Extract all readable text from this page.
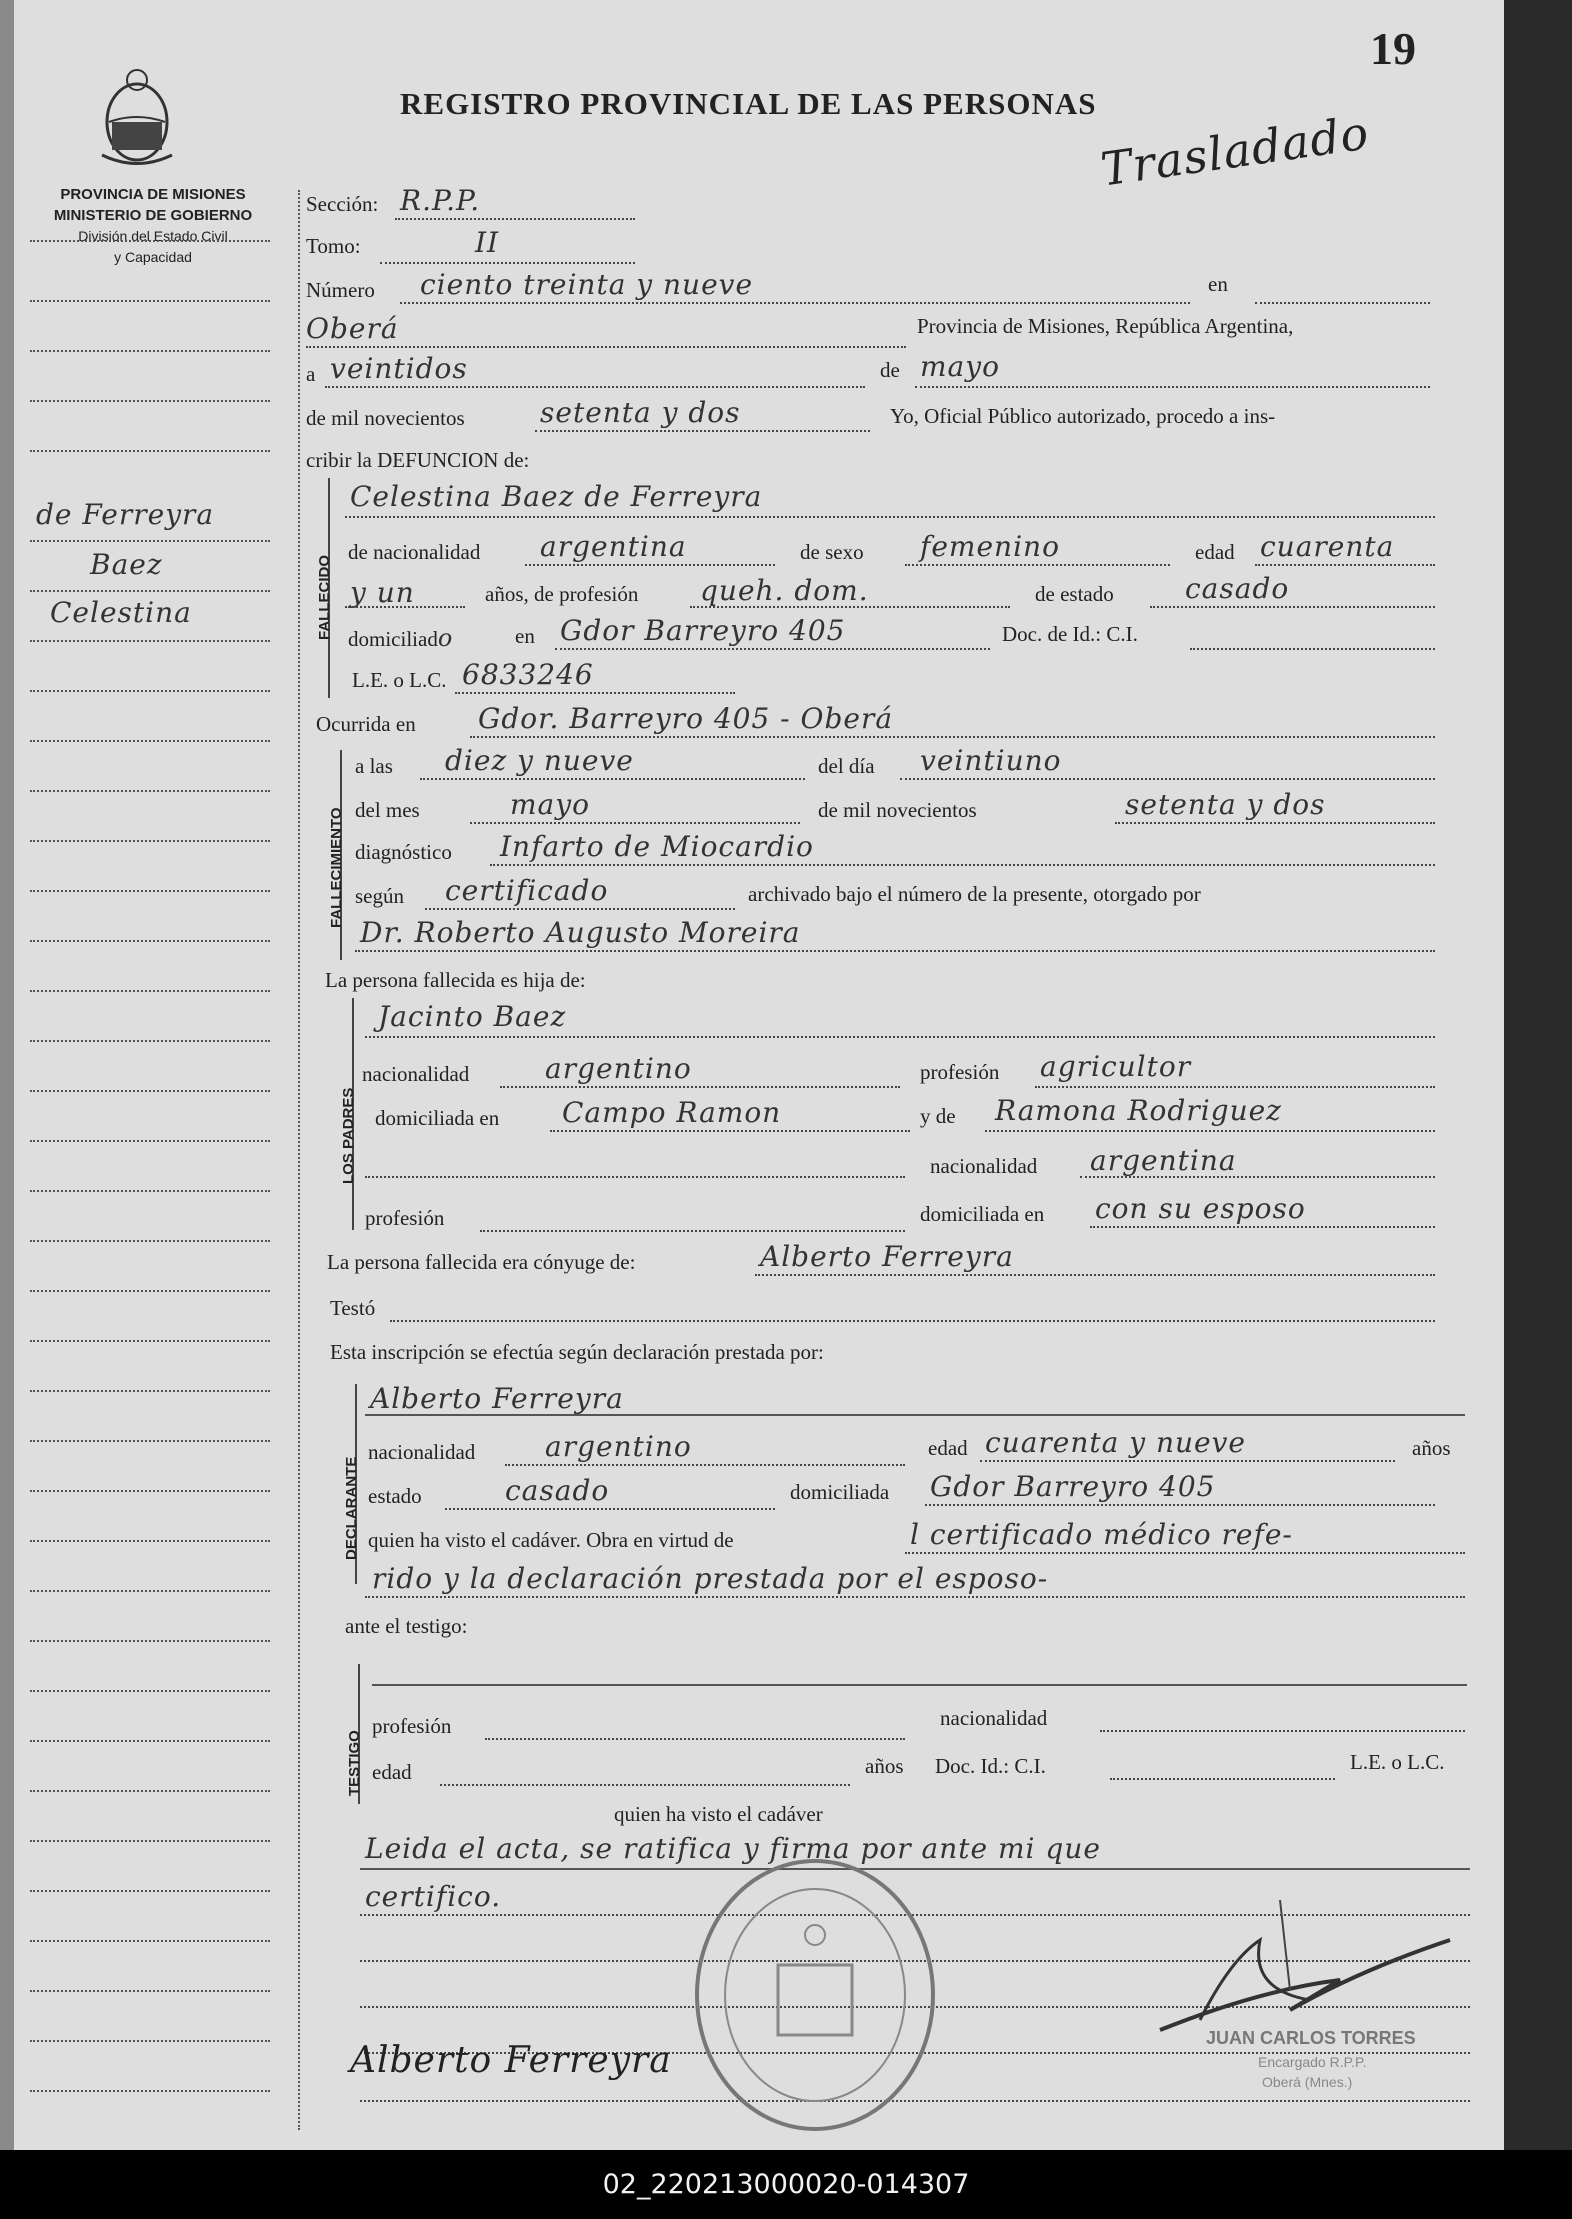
PROVINCIA DE MISIONES
MINISTERIO DE GOBIERNO
División del Estado Civil
y Capacidad
19
REGISTRO PROVINCIAL DE LAS PERSONAS
Trasladado
de Ferreyra
Baez
Celestina
Sección: R.P.P.
Tomo:	II
Número ciento treinta y nueve	en
Oberá	Provincia de Misiones, República Argentina,
a veintidos	de mayo
de mil novecientos	setenta y dos	Yo, Oficial Público autorizado, procedo a ins-
cribir la DEFUNCION de:
FALLECIDO
Celestina Baez de Ferreyra
de nacionalidad argentina	de sexo femenino	edad cuarenta
y un	años, de profesión queh. dom.	de estado	casado
domiciliado	en Gdor Barreyro 405	Doc. de Id.: C.I.
L.E. o L.C. 6833246
Ocurrida en Gdor. Barreyro 405 - Oberá
FALLECIMIENTO
a las diez y nueve	del día veintiuno
del mes	mayo	de mil novecientos	setenta y dos
diagnóstico Infarto de Miocardio
según certificado	archivado bajo el número de la presente, otorgado por
Dr. Roberto Augusto Moreira
La persona fallecida es hija de:
LOS PADRES
Jacinto Baez
nacionalidad	argentino	profesión agricultor
domiciliada en Campo Ramon	y de Ramona Rodriguez
nacionalidad argentina
profesión	domiciliada en con su esposo
La persona fallecida era cónyuge de:	Alberto Ferreyra
Testó
Esta inscripción se efectúa según declaración prestada por:
DECLARANTE
Alberto Ferreyra
nacionalidad argentino	edad cuarenta y nueve	años
estado	casado	domiciliada Gdor Barreyro 405
quien ha visto el cadáver. Obra en virtud de	l certificado médico refe-
rido y la declaración prestada por el esposo-
ante el testigo:
TESTIGO
profesión	nacionalidad
edad	años Doc. Id.: C.I.	L.E. o L.C.
quien ha visto el cadáver
Leida el acta, se ratifica y firma por ante mi que
certifico.
JUAN CARLOS TORRES
Encargado R.P.P.
Oberá (Mnes.)
Alberto Ferreyra
02_220213000020-014307
